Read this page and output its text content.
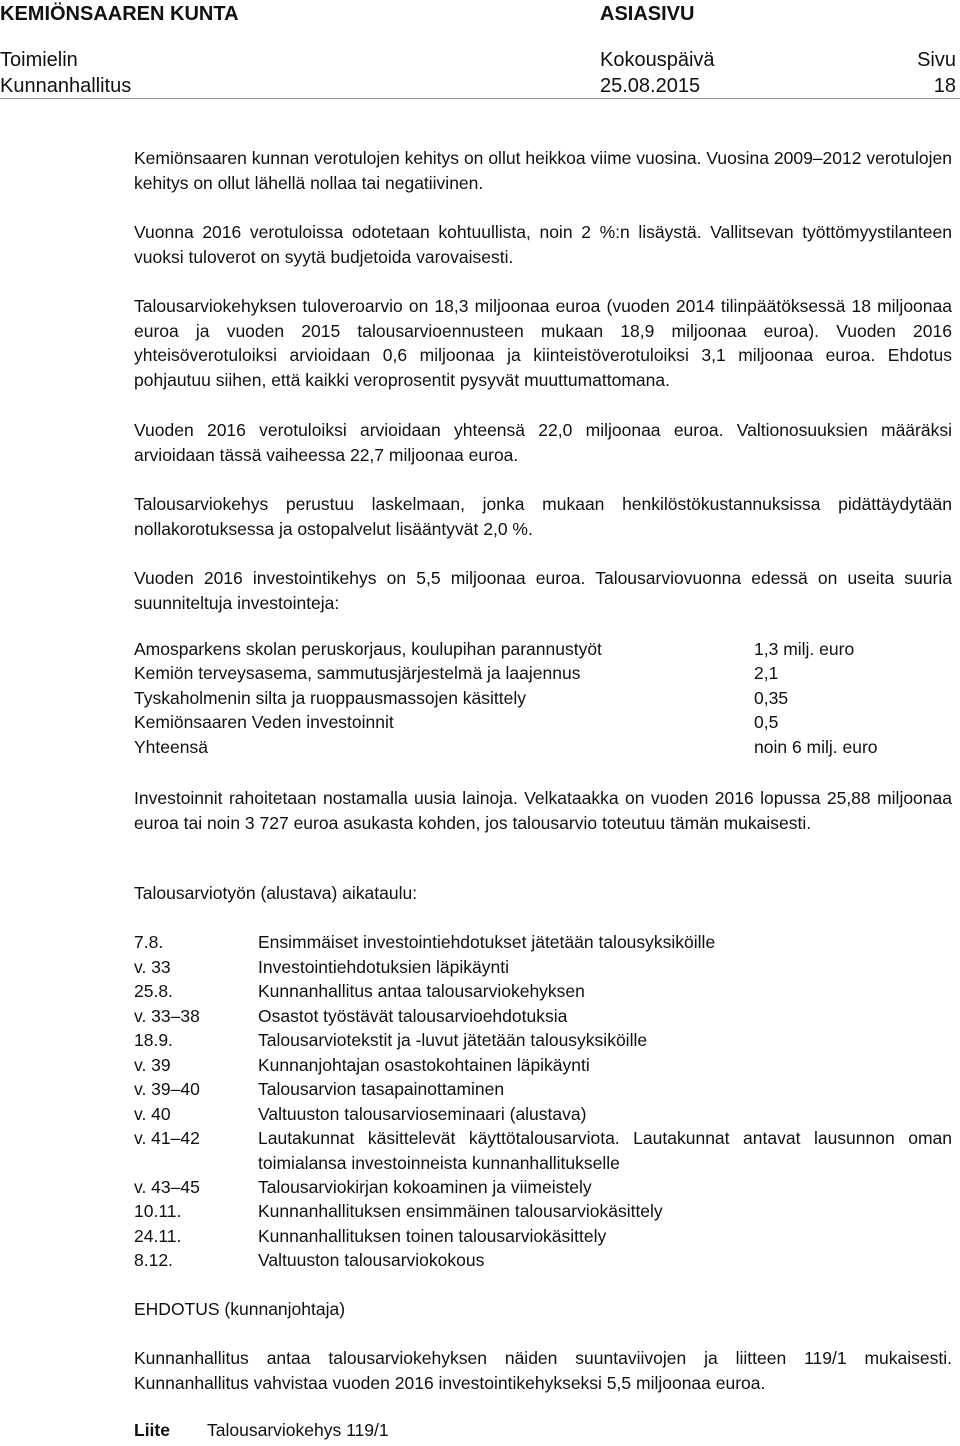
KEMIÖNSAAREN KUNTA	ASIASIVU
Toimielin	Kokouspäivä	Sivu
Kunnanhallitus	25.08.2015	18

Kemiönsaaren kunnan verotulojen kehitys on ollut heikkoa viime vuosina. Vuosina 2009–2012 verotulojen kehitys on ollut lähellä nollaa tai negatiivinen.

Vuonna 2016 verotuloissa odotetaan kohtuullista, noin 2 %:n lisäystä. Vallitsevan työttömyystilanteen vuoksi tuloverot on syytä budjetoida varovaisesti.

Talousarviokehyksen tuloveroarvio on 18,3 miljoonaa euroa (vuoden 2014 tilinpäätöksessä 18 miljoonaa euroa ja vuoden 2015 talousarvioennusteen mukaan 18,9 miljoonaa euroa). Vuoden 2016 yhteisöverotuloiksi arvioidaan 0,6 miljoonaa ja kiinteistöverotuloiksi 3,1 miljoonaa euroa. Ehdotus pohjautuu siihen, että kaikki veroprosentit pysyvät muuttumattomana.

Vuoden 2016 verotuloiksi arvioidaan yhteensä 22,0 miljoonaa euroa. Valtionosuuksien määräksi arvioidaan tässä vaiheessa 22,7 miljoonaa euroa.

Talousarviokehys perustuu laskelmaan, jonka mukaan henkilöstökustannuksissa pidättäydytään nollakorotuksessa ja ostopalvelut lisääntyvät 2,0 %.

Vuoden 2016 investointikehys on 5,5 miljoonaa euroa. Talousarviovuonna edessä on useita suuria suunniteltuja investointeja:

Amosparkens skolan peruskorjaus, koulupihan parannustyöt	1,3 milj. euro
Kemiön terveysasema, sammutusjärjestelmä ja laajennus	2,1
Tyskaholmenin silta ja ruoppausmassojen käsittely	0,35
Kemiönsaaren Veden investoinnit	0,5
Yhteensä	noin 6 milj. euro

Investoinnit rahoitetaan nostamalla uusia lainoja. Velkataakka on vuoden 2016 lopussa 25,88 miljoonaa euroa tai noin 3 727 euroa asukasta kohden, jos talousarvio toteutuu tämän mukaisesti.

Talousarviotyön (alustava) aikataulu:
7.8.	Ensimmäiset investointiehdotukset jätetään talousyksiköille
v. 33	Investointiehdotuksien läpikäynti
25.8.	Kunnanhallitus antaa talousarviokehyksen
v. 33–38	Osastot työstävät talousarvioehdotuksia
18.9.	Talousarviotekstit ja -luvut jätetään talousyksiköille
v. 39	Kunnanjohtajan osastokohtainen läpikäynti
v. 39–40	Talousarvion tasapainottaminen
v. 40	Valtuuston talousarvioseminaari (alustava)
v. 41–42	Lautakunnat käsittelevät käyttötalousarviota. Lautakunnat antavat lausunnon oman toimialansa investoinneista kunnanhallitukselle
v. 43–45	Talousarviokirjan kokoaminen ja viimeistely
10.11.	Kunnanhallituksen ensimmäinen talousarviokäsittely
24.11.	Kunnanhallituksen toinen talousarviokäsittely
8.12.	Valtuuston talousarviokokous
EHDOTUS (kunnanjohtaja)

Kunnanhallitus antaa talousarviokehyksen näiden suuntaviivojen ja liitteen 119/1 mukaisesti. Kunnanhallitus vahvistaa vuoden 2016 investointikehykseksi 5,5 miljoonaa euroa.

Liite Talousarviokehys 119/1
